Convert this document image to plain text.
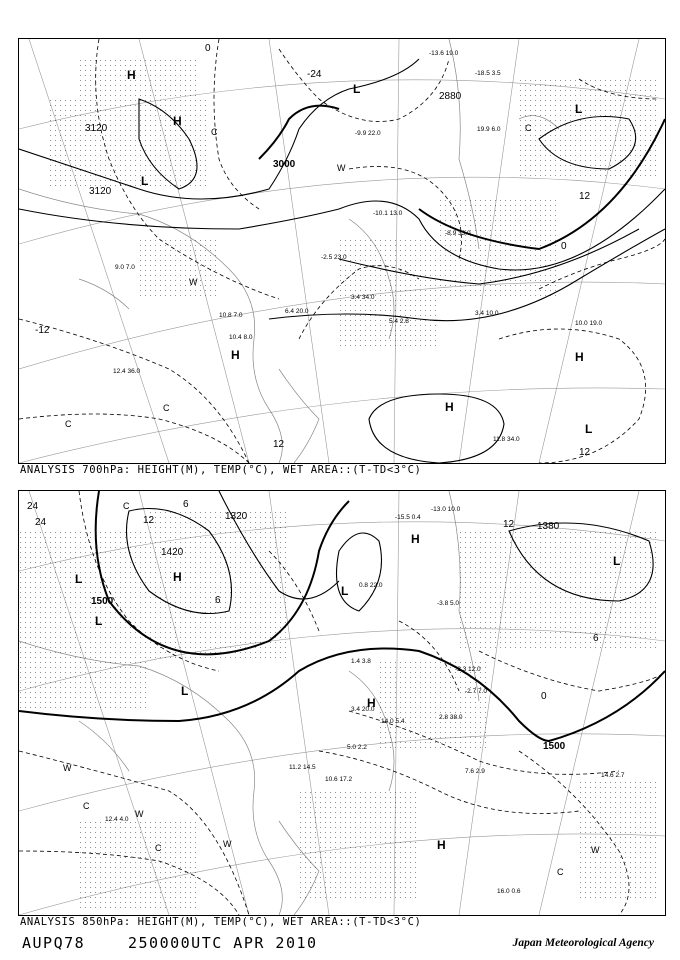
3120
3120
3000
2880
0
-24
-12
12
12
0
12
H
H
L
L
L
H
H
H
L
C
C
W
W
C
C
-13.6 19.0
-18.5 3.5
-9.9 22.0
-10.1 13.0
-8.9 33.0
-2.5 23.0
3.4 34.0
10.8 7.0
6.4 20.0
10.4 8.0
5.4 2.8
3.4 10.0
10.0 19.0
11.8 34.0
12.4 36.0
9.0 7.0
19.9 6.0
ANALYSIS 700hPa: HEIGHT(M), TEMP(°C), WET AREA::(T-TD<3°C)
1500
1420
1320
1380
1500
24
24	12
6
6
12
0
6
L	H
L
L
H
L
H
H
L
W
C
C
W
W
C
W
C
-15.5 0.4
-13.0 10.0
0.8 22.0
-3.8 5.0
1.4 3.8
3.4 20.0
14.0 5.4
2.8 38.0
-2.3 12.0
-2.7 7.0
5.0 2.2
11.2 14.5
10.6 17.2
14.6 2.7
7.6 2.9
16.0 0.6
12.4 4.0
ANALYSIS 850hPa: HEIGHT(M), TEMP(°C), WET AREA::(T-TD<3°C)
AUPQ78	250000UTC APR 2010	Japan Meteorological Agency
